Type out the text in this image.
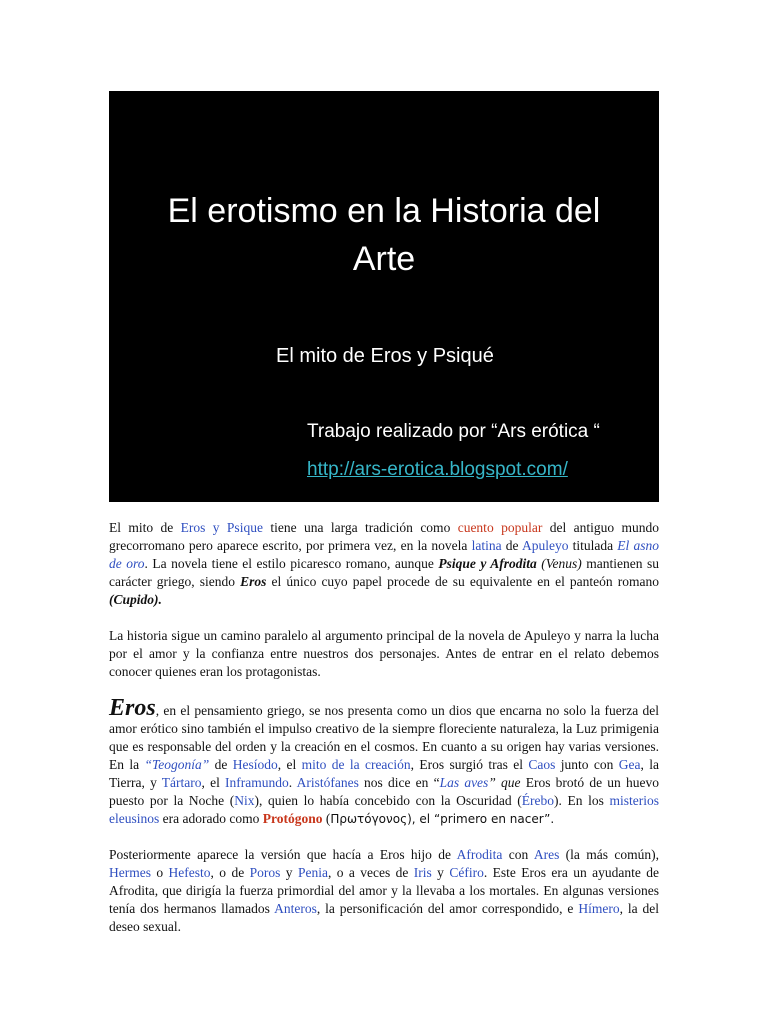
El erotismo en la Historia del
Arte
El mito de Eros y Psiqué
Trabajo realizado por “Ars erótica “
http://ars-erotica.blogspot.com/

El mito de Eros y Psique tiene una larga tradición como cuento popular del antiguo mundo grecorromano pero aparece escrito, por primera vez, en la novela latina de Apuleyo titulada El asno de oro. La novela tiene el estilo picaresco romano, aunque Psique y Afrodita (Venus) mantienen su carácter griego, siendo Eros el único cuyo papel procede de su equivalente en el panteón romano (Cupido).

La historia sigue un camino paralelo al argumento principal de la novela de Apuleyo y narra la lucha por el amor y la confianza entre nuestros dos personajes. Antes de entrar en el relato debemos conocer quienes eran los protagonistas.

Eros, en el pensamiento griego, se nos presenta como un dios que encarna no solo la fuerza del amor erótico sino también el impulso creativo de la siempre floreciente naturaleza, la Luz primigenia que es responsable del orden y la creación en el cosmos. En cuanto a su origen hay varias versiones. En la “Teogonía” de Hesíodo, el mito de la creación, Eros surgió tras el Caos junto con Gea, la Tierra, y Tártaro, el Inframundo. Aristófanes nos dice en “Las aves” que Eros brotó de un huevo puesto por la Noche (Nix), quien lo había concebido con la Oscuridad (Érebo). En los misterios eleusinos era adorado como Protógono (Πρωτόγονος), el “primero en nacer”.

Posteriormente aparece la versión que hacía a Eros hijo de Afrodita con Ares (la más común), Hermes o Hefesto, o de Poros y Penia, o a veces de Iris y Céfiro. Este Eros era un ayudante de Afrodita, que dirigía la fuerza primordial del amor y la llevaba a los mortales. En algunas versiones tenía dos hermanos llamados Anteros, la personificación del amor correspondido, e Hímero, la del deseo sexual.
